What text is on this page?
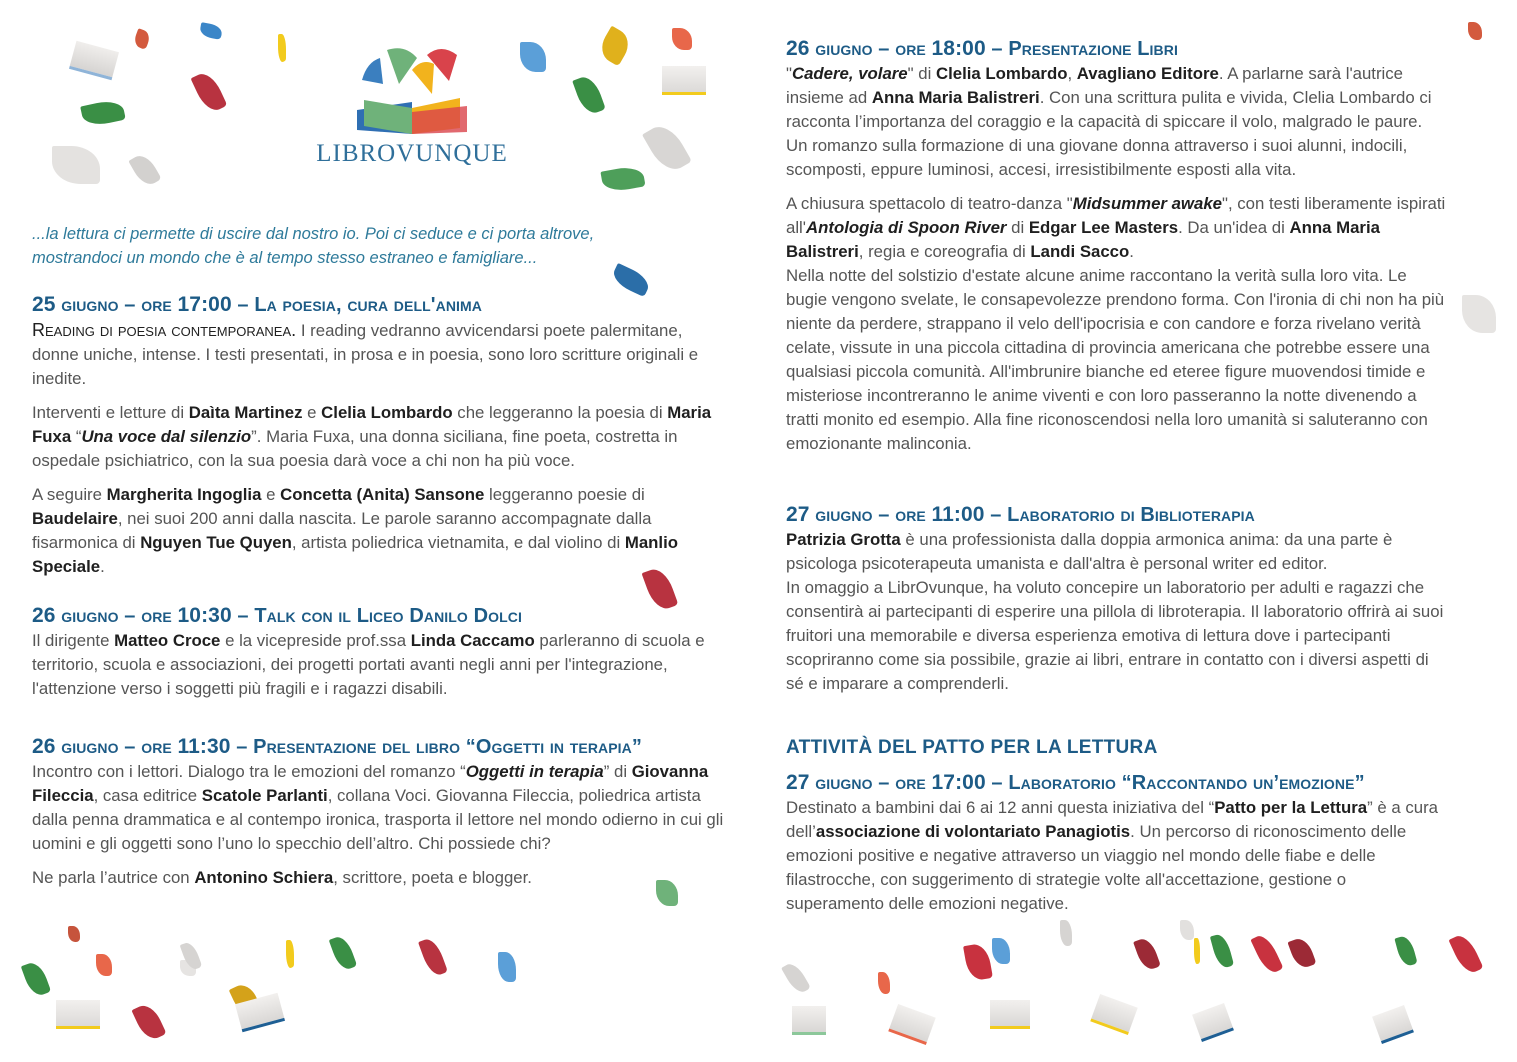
LIBROVUNQUE
...la lettura ci permette di uscire dal nostro io. Poi ci seduce e ci porta altrove,
mostrandoci un mondo che è al tempo stesso estraneo e famigliare...
25 giugno – ore 17:00 – La poesia, cura dell'anima

Reading di poesia contemporanea. I reading vedranno avvicendarsi poete palermitane, donne uniche, intense. I testi presentati, in prosa e in poesia, sono loro scritture originali e inedite.

Interventi e letture di Daìta Martinez e Clelia Lombardo che leggeranno la poesia di Maria Fuxa “Una voce dal silenzio”. Maria Fuxa, una donna siciliana, fine poeta, costretta in ospedale psichiatrico, con la sua poesia darà voce a chi non ha più voce.

A seguire Margherita Ingoglia e Concetta (Anita) Sansone leggeranno poesie di Baudelaire, nei suoi 200 anni dalla nascita. Le parole saranno accompagnate dalla fisarmonica di Nguyen Tue Quyen, artista poliedrica vietnamita, e dal violino di Manlio Speciale.

26 giugno – ore 10:30 – Talk con il Liceo Danilo Dolci

Il dirigente Matteo Croce e la vicepreside prof.ssa Linda Caccamo parleranno di scuola e territorio, scuola e associazioni, dei progetti portati avanti negli anni per l'integrazione, l'attenzione verso i soggetti più fragili e i ragazzi disabili.

26 giugno – ore 11:30 – Presentazione del libro “Oggetti in terapia”

Incontro con i lettori. Dialogo tra le emozioni del romanzo “Oggetti in terapia” di Giovanna Fileccia, casa editrice Scatole Parlanti, collana Voci. Giovanna Fileccia, poliedrica artista dalla penna drammatica e al contempo ironica, trasporta il lettore nel mondo odierno in cui gli uomini e gli oggetti sono l’uno lo specchio dell’altro. Chi possiede chi?

Ne parla l’autrice con Antonino Schiera, scrittore, poeta e blogger.

26 giugno – ore 18:00 – Presentazione Libri

"Cadere, volare" di Clelia Lombardo, Avagliano Editore. A parlarne sarà l'autrice insieme ad Anna Maria Balistreri. Con una scrittura pulita e vivida, Clelia Lombardo ci racconta l’importanza del coraggio e la capacità di spiccare il volo, malgrado le paure. Un romanzo sulla formazione di una giovane donna attraverso i suoi alunni, indocili, scomposti, eppure luminosi, accesi, irresistibilmente esposti alla vita.

A chiusura spettacolo di teatro-danza "Midsummer awake", con testi liberamente ispirati all'Antologia di Spoon River di Edgar Lee Masters. Da un'idea di Anna Maria Balistreri, regia e coreografia di Landi Sacco.
Nella notte del solstizio d'estate alcune anime raccontano la verità sulla loro vita. Le bugie vengono svelate, le consapevolezze prendono forma. Con l'ironia di chi non ha più niente da perdere, strappano il velo dell'ipocrisia e con candore e forza rivelano verità celate, vissute in una piccola cittadina di provincia americana che potrebbe essere una qualsiasi piccola comunità. All'imbrunire bianche ed eteree figure muovendosi timide e misteriose incontreranno le anime viventi e con loro passeranno la notte divenendo a tratti monito ed esempio. Alla fine riconoscendosi nella loro umanità si saluteranno con emozionante malinconia.

27 giugno – ore 11:00 – Laboratorio di Biblioterapia

Patrizia Grotta è una professionista dalla doppia armonica anima: da una parte è psicologa psicoterapeuta umanista e dall'altra è personal writer ed editor.
In omaggio a LibrOvunque, ha voluto concepire un laboratorio per adulti e ragazzi che consentirà ai partecipanti di esperire una pillola di libroterapia. Il laboratorio offrirà ai suoi fruitori una memorabile e diversa esperienza emotiva di lettura dove i partecipanti scopriranno come sia possibile, grazie ai libri, entrare in contatto con i diversi aspetti di sé e imparare a comprenderli.

ATTIVITÀ DEL PATTO PER LA LETTURA
27 giugno – ore 17:00 – Laboratorio “Raccontando un’emozione”

Destinato a bambini dai 6 ai 12 anni questa iniziativa del “Patto per la Lettura” è a cura dell’associazione di volontariato Panagiotis. Un percorso di riconoscimento delle emozioni positive e negative attraverso un viaggio nel mondo delle fiabe e delle filastrocche, con suggerimento di strategie volte all'accettazione, gestione o superamento delle emozioni negative.
